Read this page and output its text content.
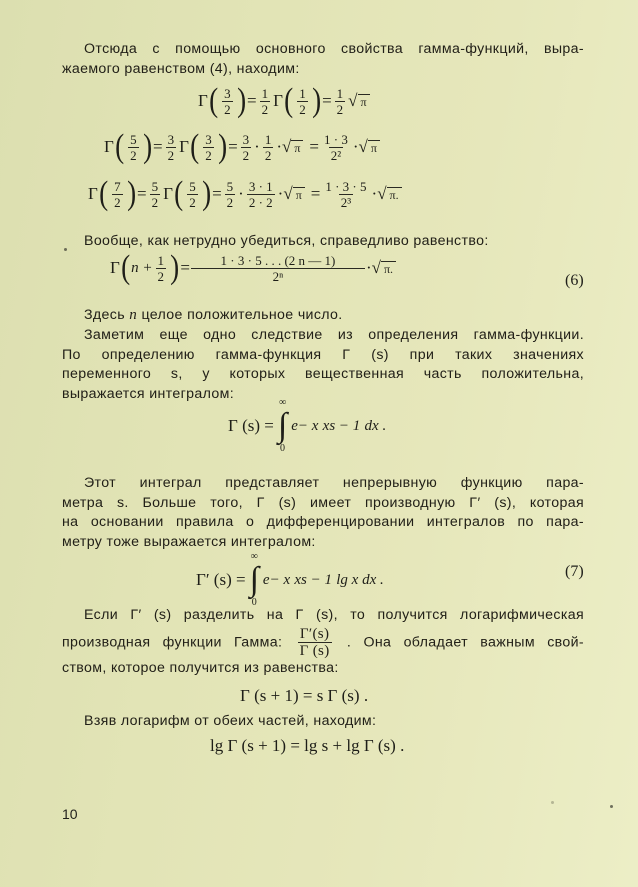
Отсюда с помощью основного свойства гамма-функций, выра-
жаемого равенством (4), находим:
Γ ( $\frac{3}{2}$ ) = $\frac{1}{2}$ Γ ( $\frac{1}{2}$ ) = $\frac{1}{2}$ √ π
Γ ( $\frac{5}{2}$ ) = $\frac{3}{2}$ Γ ( $\frac{3}{2}$ ) = $\frac{3}{2} \cdot \frac{1}{2}$ · √ $\pi = \frac{1 \cdot 3}{\text{2²}}$ · √ π
Γ ( $\frac{7}{2}$ ) = $\frac{5}{2}$ Γ ( $\frac{5}{2}$ ) = $\frac{5}{2} \cdot \frac{3 \cdot 1}{2 \cdot 2}$ · √ $\pi = \frac{1 \cdot 3 \cdot 5}{\text{2³}}$ · √ π.
Вообще, как нетрудно убедиться, справедливо равенство:
Γ ( $n + \frac{1}{2}$ ) = $\frac{1 \cdot 3 \cdot 5 . . . (2 n — 1)}{\text{2ⁿ}}$ · √ π.
(6)
Здесь n целое положительное число.
Заметим еще одно следствие из определения гамма-функции.
По определению гамма-функция Γ (s) при таких значениях
переменного s, у которых вещественная часть положительна,
выражается интегралом:
Γ (s) =
∞
∫
0
e − x
x s − 1
dx .
Этот интеграл представляет непрерывную функцию пара-
метра s. Больше того, Γ (s) имеет производную Γ′ (s), которая
на основании правила о дифференцировании интегралов по пара-
метру тоже выражается интегралом:
Γ′ (s) =
∞
∫
0
e − x
x s − 1
lg x dx .	(7)
Если Γ′ (s) разделить на Γ (s), то получится логарифмическая
производная функции Гамма: $\frac{\Gamma'(s)}{\Gamma (s)}$ . Она обладает важным свой-
ством, которое получится из равенства:
Γ (s + 1) = s Γ (s) .
Взяв логарифм от обеих частей, находим:
lg Γ (s + 1) = lg s + lg Γ (s) .
10
